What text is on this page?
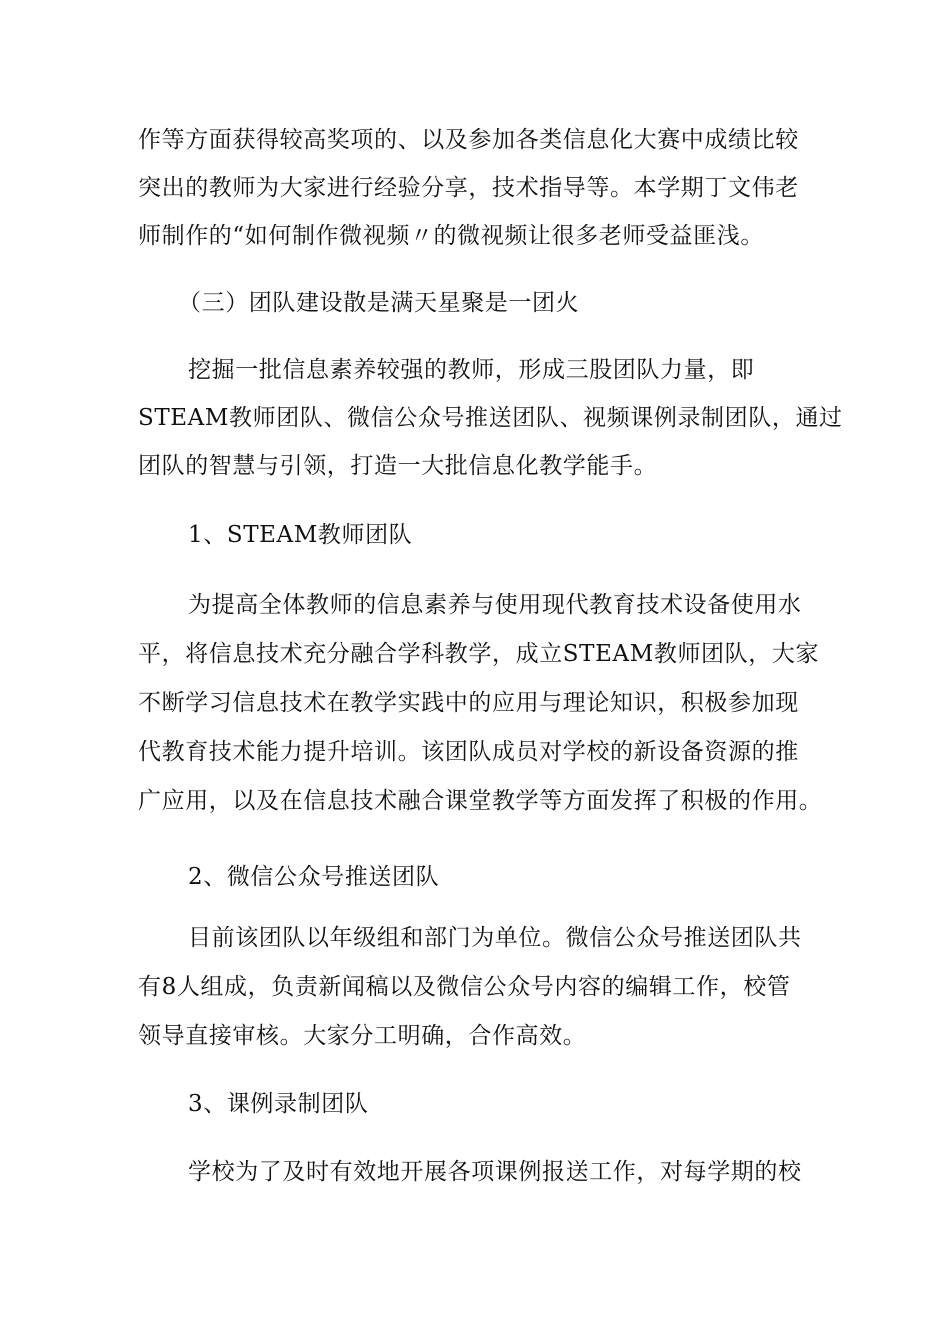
作等方面获得较高奖项的、以及参加各类信息化大赛中成绩比较
突出的教师为大家进行经验分享，技术指导等。本学期丁文伟老
师制作的“如何制作微视频〃的微视频让很多老师受益匪浅。
（三）团队建设散是满天星聚是一团火
挖掘一批信息素养较强的教师，形成三股团队力量，即
STEAM教师团队、微信公众号推送团队、视频课例录制团队，通过
团队的智慧与引领，打造一大批信息化教学能手。
1、STEAM教师团队
为提高全体教师的信息素养与使用现代教育技术设备使用水
平，将信息技术充分融合学科教学，成立STEAM教师团队，大家
不断学习信息技术在教学实践中的应用与理论知识，积极参加现
代教育技术能力提升培训。该团队成员对学校的新设备资源的推
广应用，以及在信息技术融合课堂教学等方面发挥了积极的作用。
2、微信公众号推送团队
目前该团队以年级组和部门为单位。微信公众号推送团队共
有8人组成，负责新闻稿以及微信公众号内容的编辑工作，校管
领导直接审核。大家分工明确，合作高效。
3、课例录制团队
学校为了及时有效地开展各项课例报送工作，对每学期的校
